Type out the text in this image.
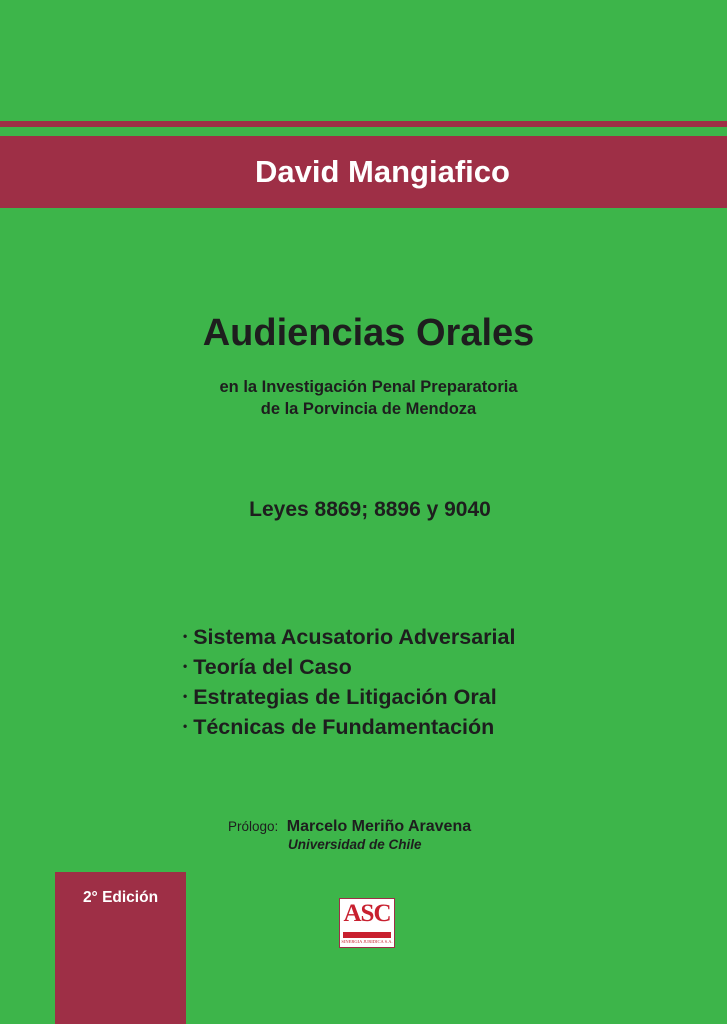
David Mangiafico
Audiencias Orales
en la Investigación Penal Preparatoria
de la Porvincia de Mendoza
Leyes 8869; 8896 y 9040
• Sistema Acusatorio Adversarial
• Teoría del Caso
• Estrategias de Litigación Oral
• Técnicas de Fundamentación
Prólogo: Marcelo Meriño Aravena
Universidad de Chile
2° Edición
ASC
SINERGIA JURIDICA S.A.
